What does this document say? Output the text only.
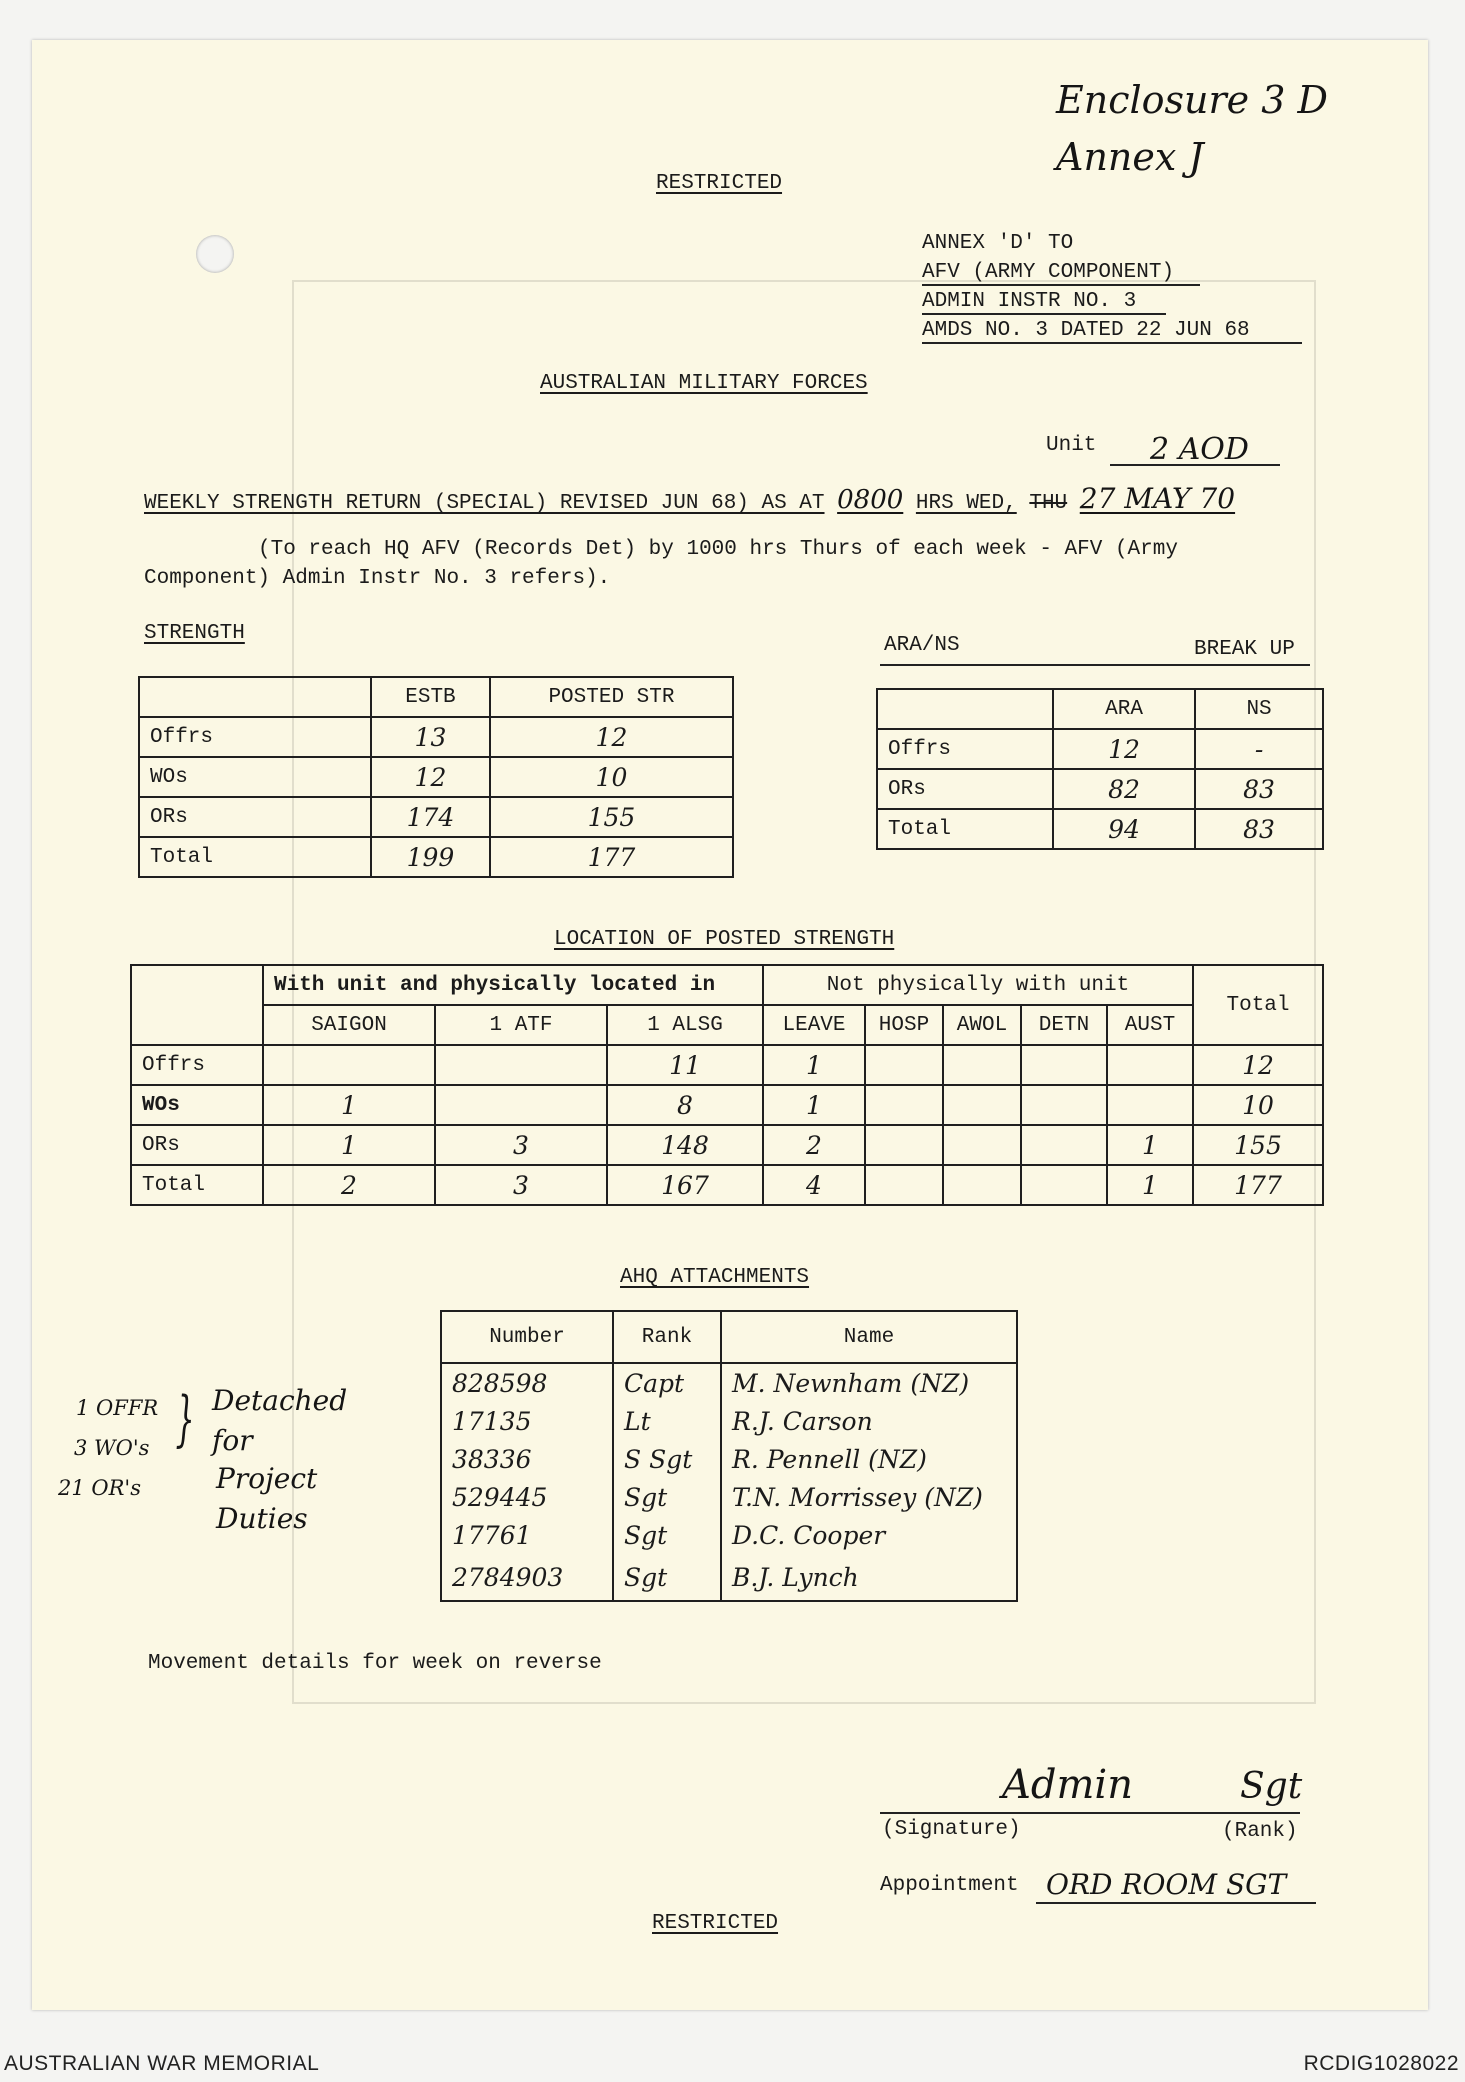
Enclosure 3 D
Annex J
RESTRICTED
ANNEX 'D' TO
AFV (ARMY COMPONENT)
ADMIN INSTR NO. 3
AMDS NO. 3 DATED 22 JUN 68
AUSTRALIAN MILITARY FORCES
Unit 2 AOD
WEEKLY STRENGTH RETURN (SPECIAL) REVISED JUN 68) AS AT 0800 HRS WED, THU 27 MAY 70
(To reach HQ AFV (Records Det) by 1000 hrs Thurs of each week - AFV (Army
Component) Admin Instr No. 3 refers).
STRENGTH
	ESTB	POSTED STR
Offrs	13	12
WOs	12	10
ORs	174	155
Total	199	177
ARA/NS	BREAK UP
	ARA	NS
Offrs	12	-
ORs	82	83
Total	94	83
LOCATION OF POSTED STRENGTH
	With unit and physically located in			Not physically with unit					Total
	SAIGON	1 ATF	1 ALSG	LEAVE	HOSP	AWOL	DETN	AUST	
Offrs			11	1					12
WOs	1		8	1					10
ORs	1	3	148	2				1	155
Total	2	3	167	4				1	177
AHQ ATTACHMENTS
Number	Rank	Name
828598	Capt	M. Newnham (NZ)
17135	Lt	R.J. Carson
38336	S Sgt	R. Pennell (NZ)
529445	Sgt	T.N. Morrissey (NZ)
17761	Sgt	D.C. Cooper
2784903	Sgt	B.J. Lynch
1 OFFR
3 WO's
21 OR's
} Detached
for
Project
Duties
Movement details for week on reverse
Admin	Sgt
(Signature)	(Rank)
Appointment ORD ROOM SGT
RESTRICTED
AUSTRALIAN WAR MEMORIAL	RCDIG1028022
